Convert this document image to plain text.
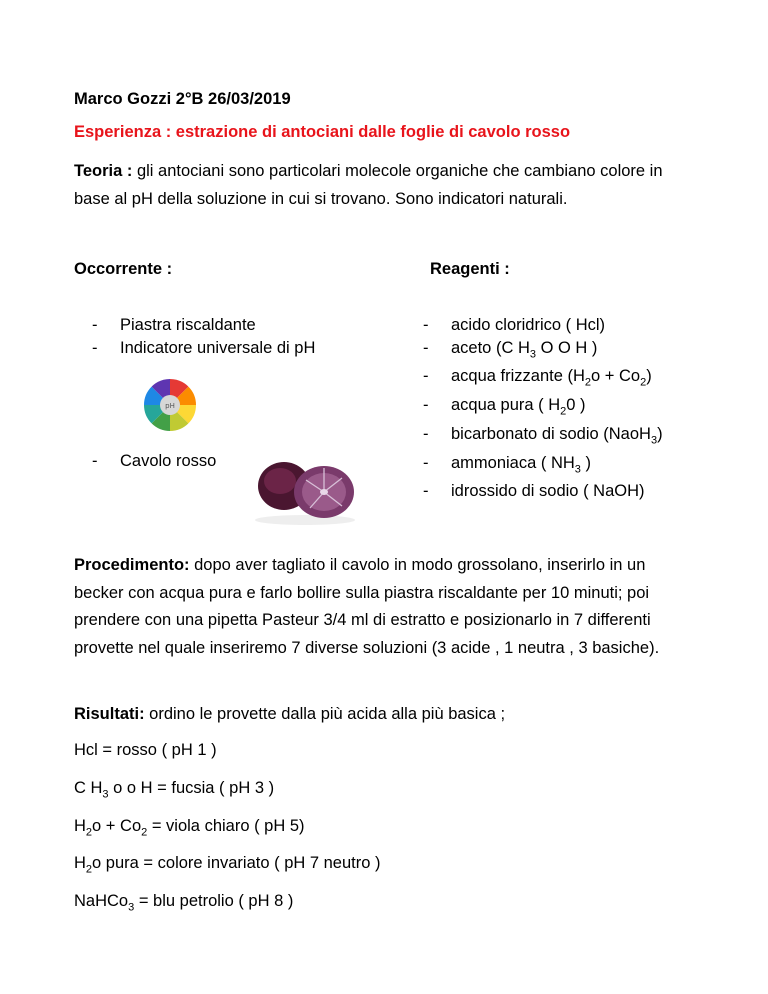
Marco Gozzi 2°B 26/03/2019
Esperienza : estrazione di antociani dalle foglie di cavolo rosso
Teoria : gli antociani sono particolari molecole organiche che cambiano colore in base al pH della soluzione in cui si trovano. Sono indicatori naturali.
Occorrente :	Reagenti :
- Piastra riscaldante
- Indicatore universale di pH
pH
- Cavolo rosso
- acido cloridrico ( Hcl)
- aceto (C $H_3$ O O H )
- acqua frizzante $(H_2o + Co_2)$
- acqua pura ( $H_20$ )
- bicarbonato di sodio (NaoH$_3$)
- ammoniaca ( $NH_3$ )
- idrossido di sodio ( NaOH)
Procedimento: dopo aver tagliato il cavolo in modo grossolano, inserirlo in un becker con acqua pura e farlo bollire sulla piastra riscaldante per 10 minuti; poi prendere con una pipetta Pasteur 3/4 ml di estratto e posizionarlo in 7 differenti provette nel quale inseriremo 7 diverse soluzioni (3 acide , 1 neutra , 3 basiche).
Risultati: ordino le provette dalla più acida alla più basica ;
Hcl = rosso ( pH 1 )
C $H_3$ o o H = fucsia ( pH 3 )
$H_2o + Co_2$ = viola chiaro ( pH 5)
$H_2o$ pura = colore invariato ( pH 7 neutro )
NaHCo$_3$ = blu petrolio ( pH 8 )
